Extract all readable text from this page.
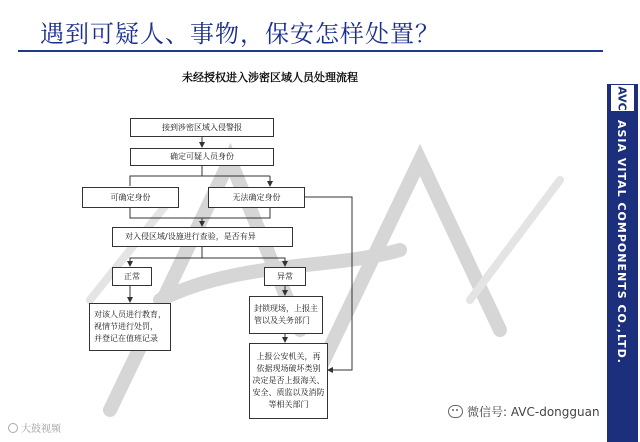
遇到可疑人、事物，保安怎样处置？
未经授权进入涉密区域人员处理流程
接到涉密区域入侵警报
确定可疑人员身份
可确定身份	无法确定身份
对入侵区域/设施进行查验，是否有异
正常	异常
对该人员进行教育，
视情节进行处罚，
并登记在值班记录
封锁现场，上报主
管以及关务部门
上报公安机关，再
依据现场破坏类别
决定是否上报海关、
安全、质监以及消防
等相关部门
AVC
ASIA VITAL COMPONENTS CO.,LTD.
微信号: AVC-dongguan
大鼓视频
